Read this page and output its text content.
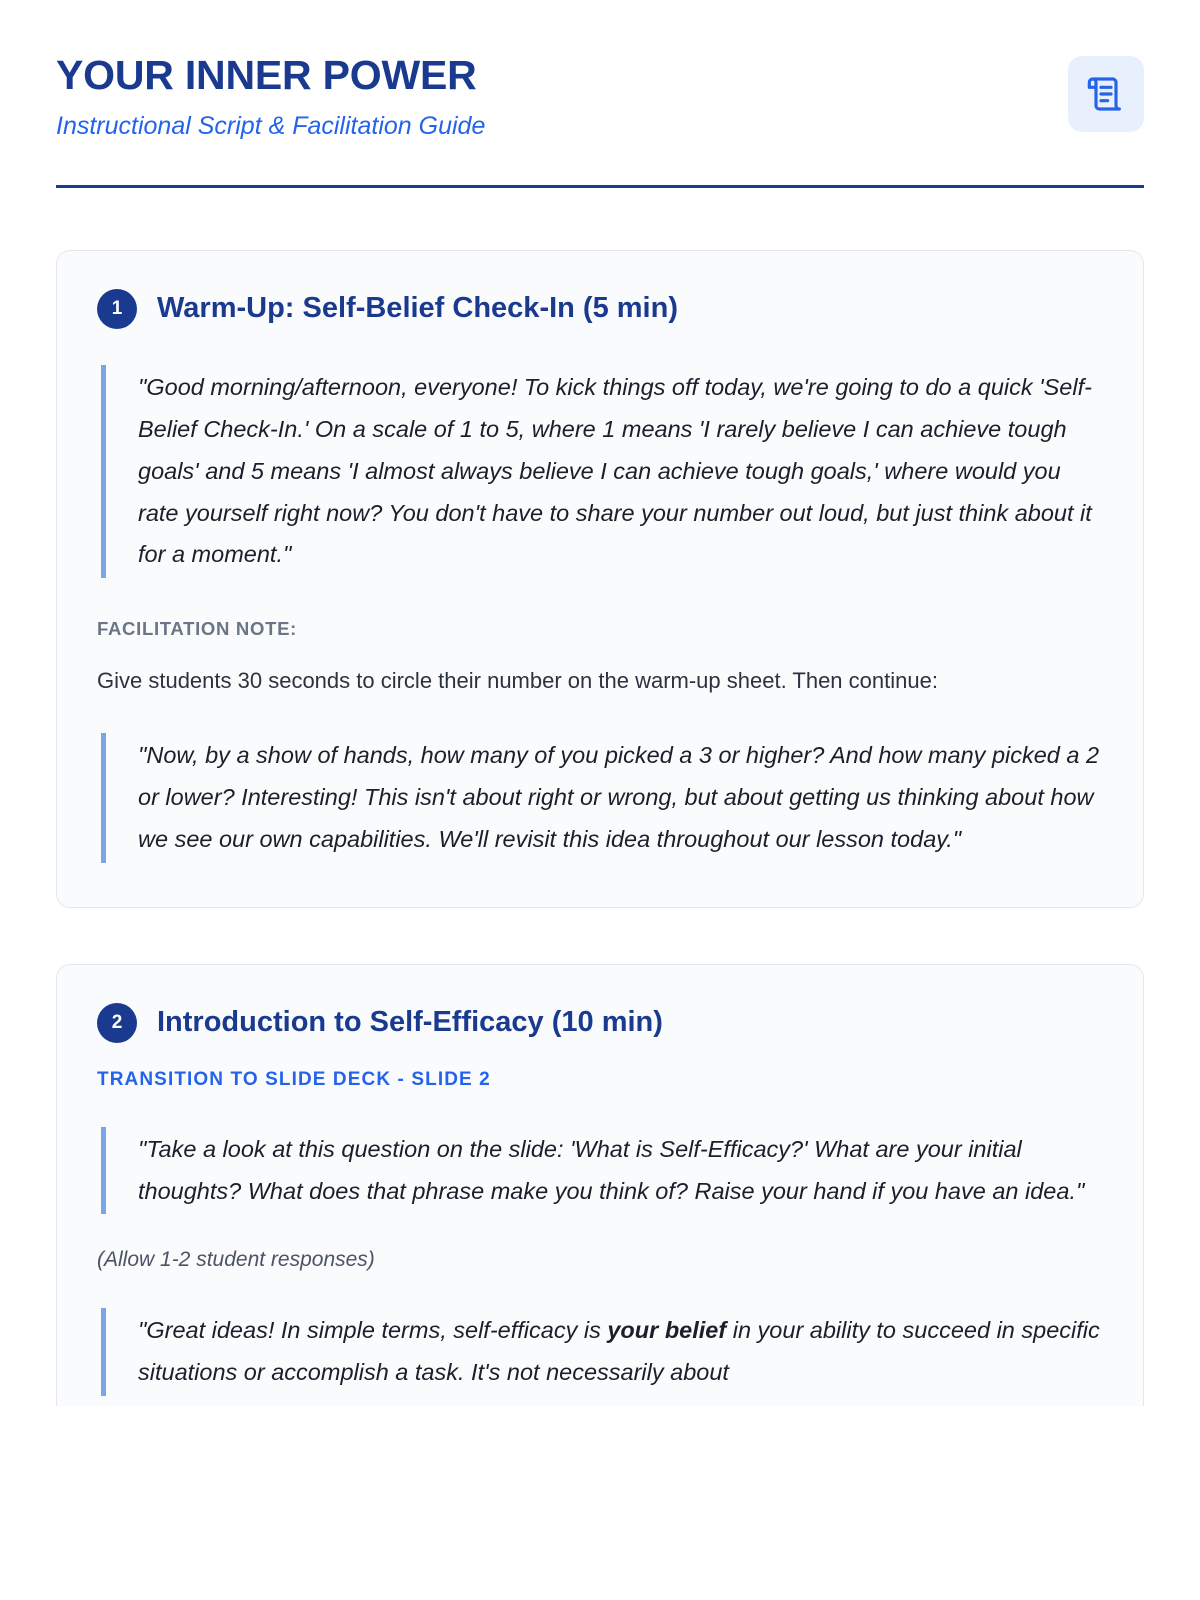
YOUR INNER POWER
Instructional Script & Facilitation Guide
1	Warm-Up: Self-Belief Check-In (5 min)
"Good morning/afternoon, everyone! To kick things off today, we're going to do a quick 'Self-Belief Check-In.' On a scale of 1 to 5, where 1 means 'I rarely believe I can achieve tough goals' and 5 means 'I almost always believe I can achieve tough goals,' where would you rate yourself right now? You don't have to share your number out loud, but just think about it for a moment."
FACILITATION NOTE:
Give students 30 seconds to circle their number on the warm-up sheet. Then continue:
"Now, by a show of hands, how many of you picked a 3 or higher? And how many picked a 2 or lower? Interesting! This isn't about right or wrong, but about getting us thinking about how we see our own capabilities. We'll revisit this idea throughout our lesson today."
2	Introduction to Self-Efficacy (10 min)
TRANSITION TO SLIDE DECK - SLIDE 2
"Take a look at this question on the slide: 'What is Self-Efficacy?' What are your initial thoughts? What does that phrase make you think of? Raise your hand if you have an idea."
(Allow 1-2 student responses)
"Great ideas! In simple terms, self-efficacy is your belief in your ability to succeed in specific situations or accomplish a task. It's not necessarily about
